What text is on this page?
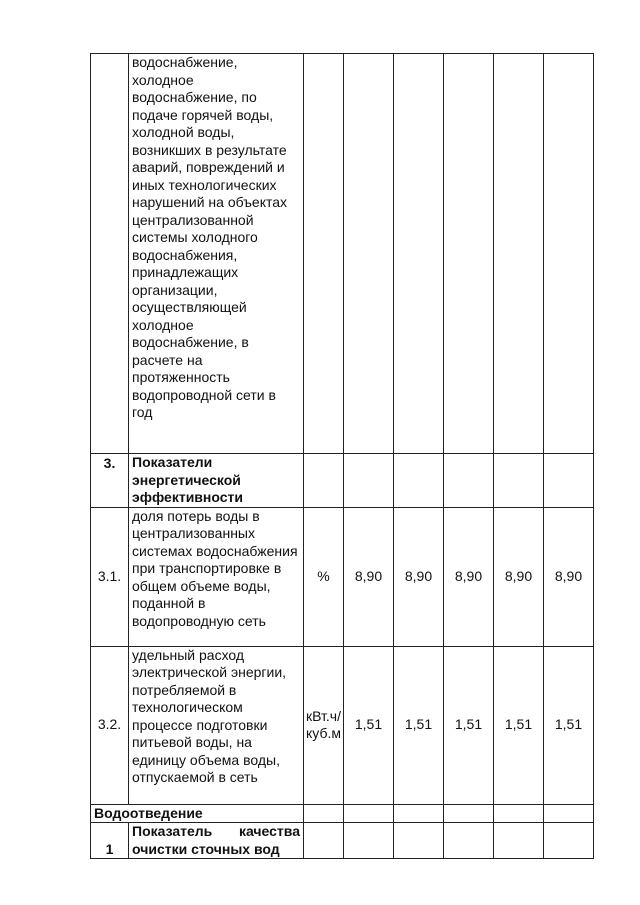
	водоснабжение, холодное водоснабжение, по подаче горячей воды, холодной воды, возникших в результате аварий, повреждений и иных технологических нарушений на объектах централизованной системы холодного водоснабжения, принадлежащих организации, осуществляющей холодное водоснабжение, в расчете на протяженность водопроводной сети в год						
3.	Показатели энергетической эффективности						
3.1.	доля потерь воды в централизованных системах водоснабжения при транспортировке в общем объеме воды, поданной в водопроводную сеть	%	8,90	8,90	8,90	8,90	8,90
3.2.	удельный расход электрической энергии, потребляемой в технологическом процессе подготовки питьевой воды, на единицу объема воды, отпускаемой в сеть	кВт.ч/куб.м	1,51	1,51	1,51	1,51	1,51
Водоотведение							
1	Показатель качества очистки сточных вод						
